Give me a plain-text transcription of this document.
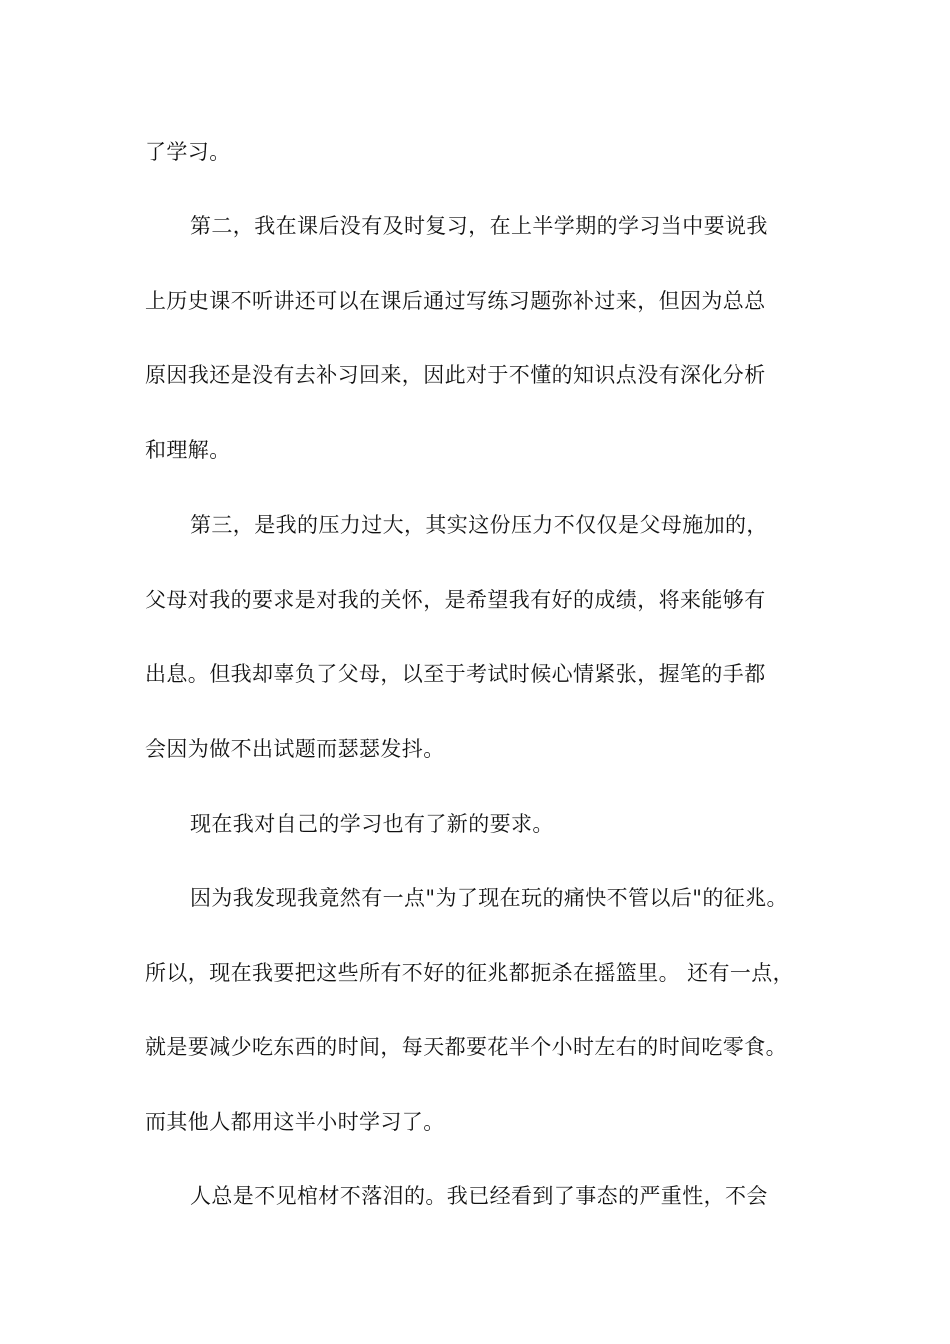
了学习。
第二，我在课后没有及时复习，在上半学期的学习当中要说我
上历史课不听讲还可以在课后通过写练习题弥补过来，但因为总总
原因我还是没有去补习回来，因此对于不懂的知识点没有深化分析
和理解。
第三，是我的压力过大，其实这份压力不仅仅是父母施加的，
父母对我的要求是对我的关怀，是希望我有好的成绩，将来能够有
出息。但我却辜负了父母，以至于考试时候心情紧张，握笔的手都
会因为做不出试题而瑟瑟发抖。
现在我对自己的学习也有了新的要求。
因为我发现我竟然有一点"为了现在玩的痛快不管以后"的征兆。
所以，现在我要把这些所有不好的征兆都扼杀在摇篮里。 还有一点，
就是要减少吃东西的时间，每天都要花半个小时左右的时间吃零食。
而其他人都用这半小时学习了。
人总是不见棺材不落泪的。我已经看到了事态的严重性，不会
